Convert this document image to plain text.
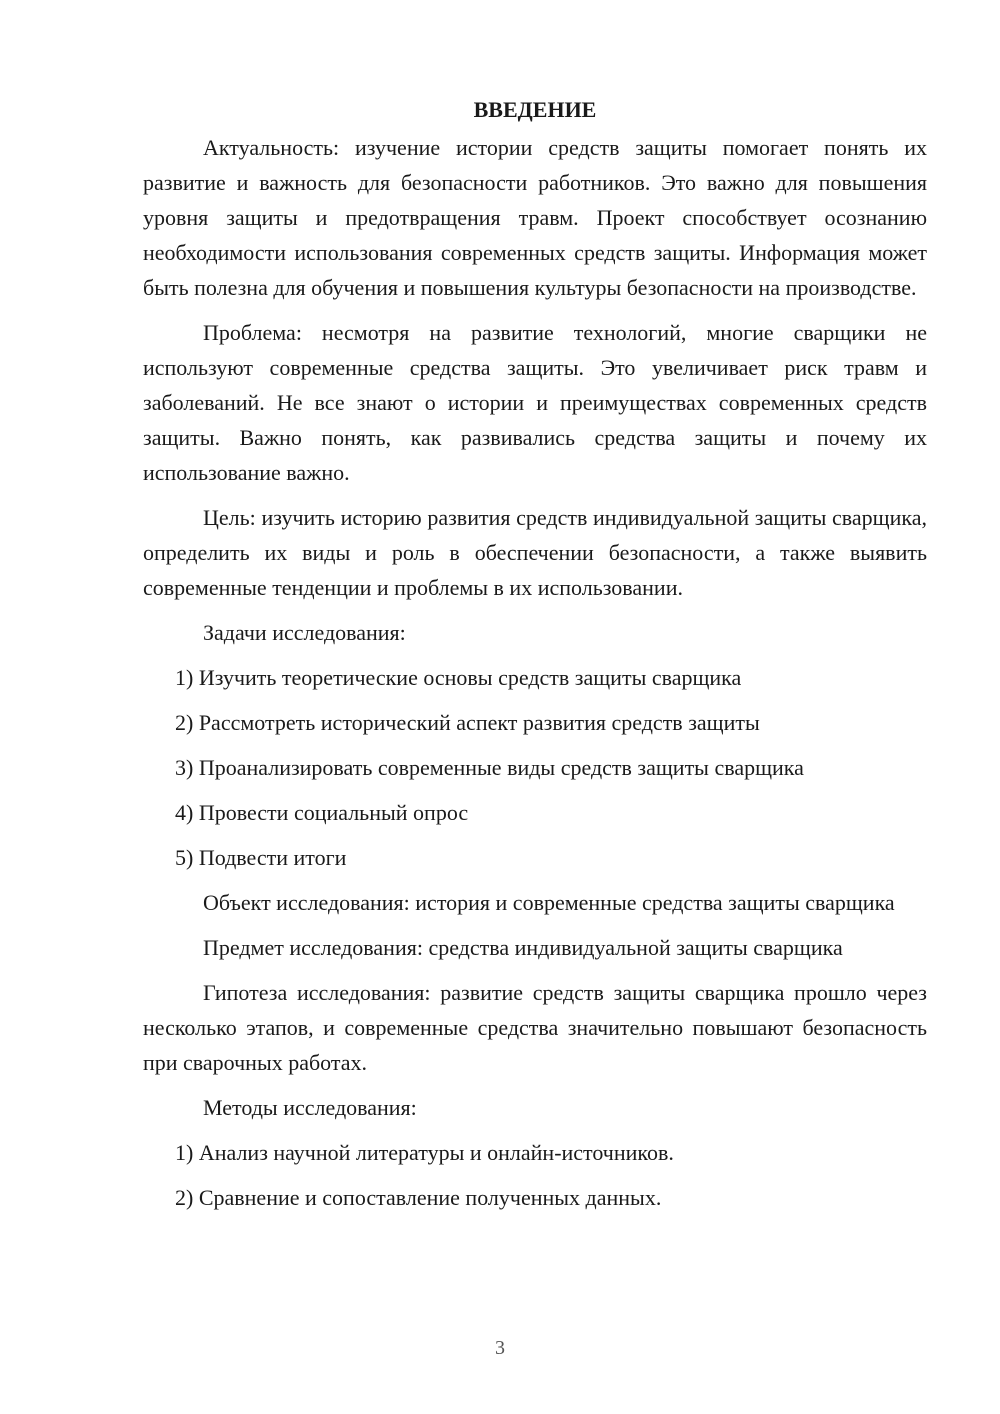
ВВЕДЕНИЕ

Актуальность: изучение истории средств защиты помогает понять их развитие и важность для безопасности работников. Это важно для повышения уровня защиты и предотвращения травм. Проект способствует осознанию необходимости использования современных средств защиты. Информация может быть полезна для обучения и повышения культуры безопасности на производстве.

Проблема: несмотря на развитие технологий, многие сварщики не используют современные средства защиты. Это увеличивает риск травм и заболеваний. Не все знают о истории и преимуществах современных средств защиты. Важно понять, как развивались средства защиты и почему их использование важно.

Цель: изучить историю развития средств индивидуальной защиты сварщика, определить их виды и роль в обеспечении безопасности, а также выявить современные тенденции и проблемы в их использовании.

Задачи исследования:

1) Изучить теоретические основы средств защиты сварщика
2) Рассмотреть исторический аспект развития средств защиты
3) Проанализировать современные виды средств защиты сварщика
4) Провести социальный опрос
5) Подвести итоги

Объект исследования: история и современные средства защиты сварщика

Предмет исследования: средства индивидуальной защиты сварщика

Гипотеза исследования: развитие средств защиты сварщика прошло через несколько этапов, и современные средства значительно повышают безопасность при сварочных работах.

Методы исследования:

1) Анализ научной литературы и онлайн-источников.
2) Сравнение и сопоставление полученных данных.
3
